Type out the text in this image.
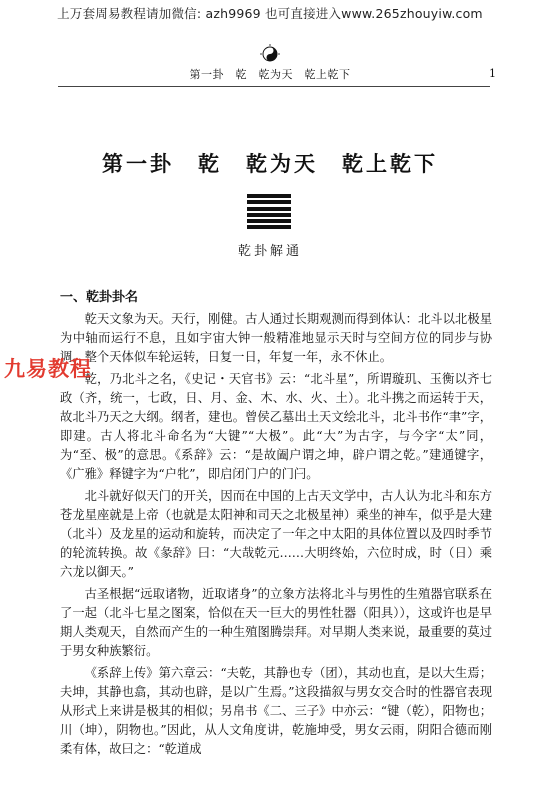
上万套周易教程请加微信: azh9969 也可直接进入www.265zhouyiw.com
第一卦　乾　乾为天　乾上乾下	1
第一卦　乾　乾为天　乾上乾下
乾卦解通
一、乾卦卦名

乾天文象为天。天行，刚健。古人通过长期观测而得到体认：北斗以北极星为中轴而运行不息，且如宇宙大钟一般精准地显示天时与空间方位的同步与协调。整个天体似车轮运转，日复一日，年复一年，永不休止。

乾，乃北斗之名，《史记・天官书》云：“北斗星”，所谓璇玑、玉衡以齐七政（齐，统一，七政，日、月、金、木、水、火、土）。北斗携之而运转于天，故北斗乃天之大纲。纲者，建也。曾侯乙墓出土天文绘北斗，北斗书作“聿”字，即建。古人将北斗命名为“大键”“大极”。此“大”为古字，与今字“太”同，为“至、极”的意思。《系辞》云：“是故阖户谓之坤，辟户谓之乾。”建通键字，《广雅》释键字为“户牝”，即启闭门户的门闩。

北斗就好似天门的开关，因而在中国的上古天文学中，古人认为北斗和东方苍龙星座就是上帝（也就是太阳神和司天之北极星神）乘坐的神车，似乎是大建（北斗）及龙星的运动和旋转，而决定了一年之中太阳的具体位置以及四时季节的轮流转换。故《彖辞》曰：“大哉乾元……大明终始，六位时成，时（日）乘六龙以御天。”

古圣根据“远取诸物，近取诸身”的立象方法将北斗与男性的生殖器官联系在了一起（北斗七星之图案，恰似在天一巨大的男性牡器（阳具）），这或许也是早期人类观天，自然而产生的一种生殖图腾崇拜。对早期人类来说，最重要的莫过于男女种族繁衍。

《系辞上传》第六章云：“夫乾，其静也专（团），其动也直，是以大生焉；夫坤，其静也翕，其动也辟，是以广生焉。”这段描叙与男女交合时的性器官表现从形式上来讲是极其的相似；另帛书《二、三子》中亦云：“键（乾），阳物也；川（坤），阴物也。”因此，从人文角度讲，乾施坤受，男女云雨，阴阳合德而刚柔有体，故曰之：“乾道成

九易教程
